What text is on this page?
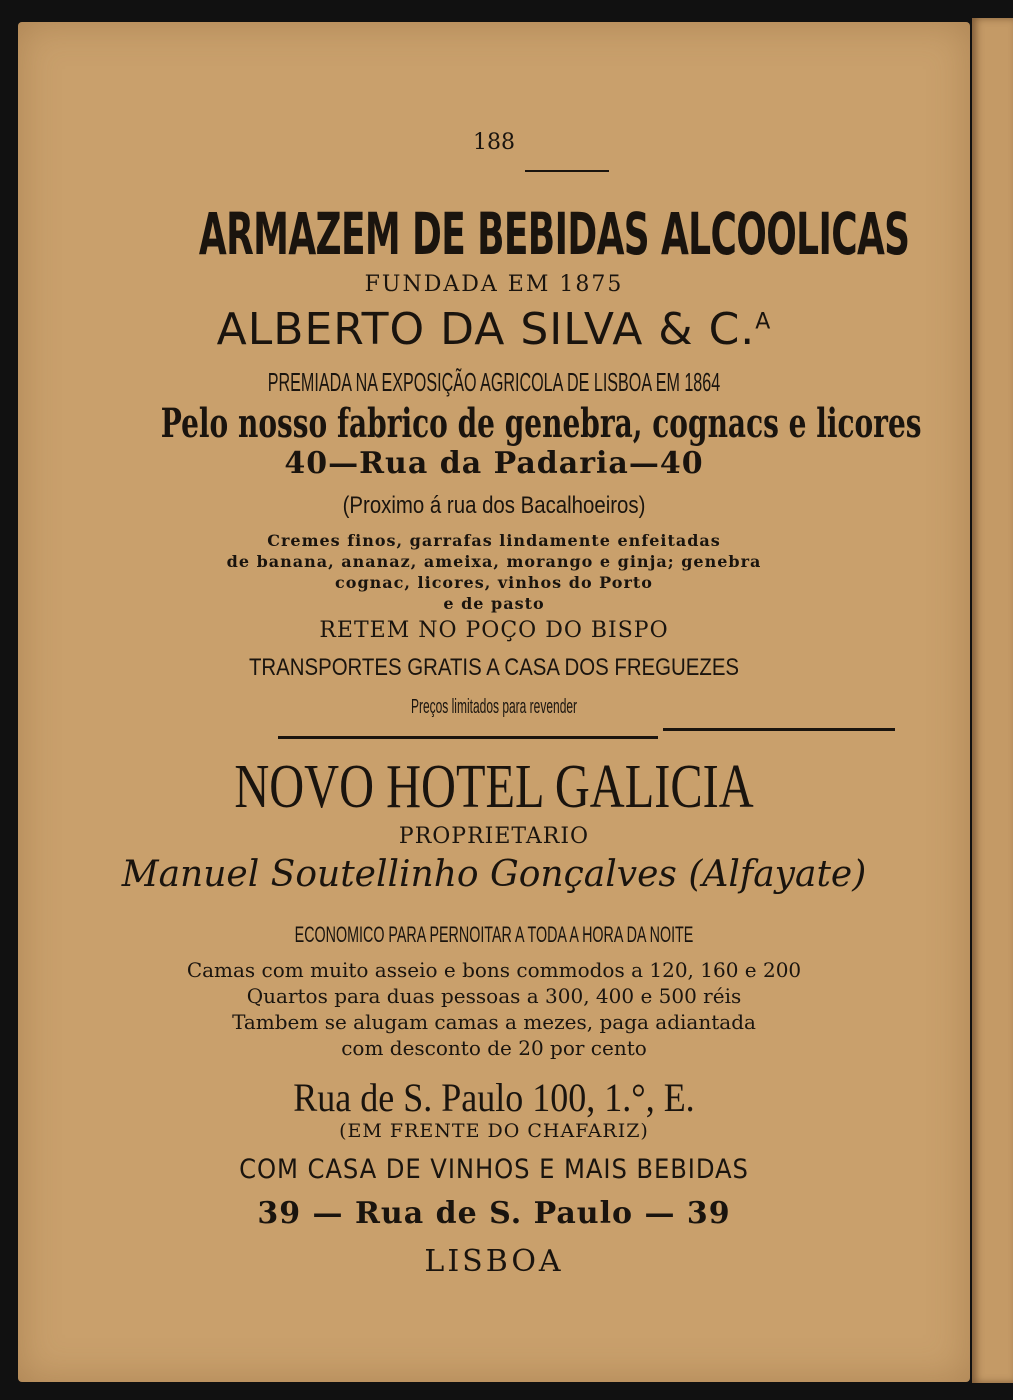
188
ARMAZEM DE BEBIDAS ALCOOLICAS
FUNDADA EM 1875
ALBERTO DA SILVA & C.$^A$
PREMIADA NA EXPOSIÇÃO AGRICOLA DE LISBOA EM 1864
Pelo nosso fabrico de genebra, cognacs e licores
40—Rua da Padaria—40
(Proximo á rua dos Bacalhoeiros)
Cremes finos, garrafas lindamente enfeitadas
de banana, ananaz, ameixa, morango e ginja; genebra
cognac, licores, vinhos do Porto
e de pasto
RETEM NO POÇO DO BISPO
TRANSPORTES GRATIS A CASA DOS FREGUEZES
Preços limitados para revender
NOVO HOTEL GALICIA
PROPRIETARIO
Manuel Soutellinho Gonçalves (Alfayate)
ECONOMICO PARA PERNOITAR A TODA A HORA DA NOITE
Camas com muito asseio e bons commodos a 120, 160 e 200
Quartos para duas pessoas a 300, 400 e 500 réis
Tambem se alugam camas a mezes, paga adiantada
com desconto de 20 por cento
Rua de S. Paulo 100, 1.°, E.
(EM FRENTE DO CHAFARIZ)
COM CASA DE VINHOS E MAIS BEBIDAS
39 — Rua de S. Paulo — 39
LISBOA
